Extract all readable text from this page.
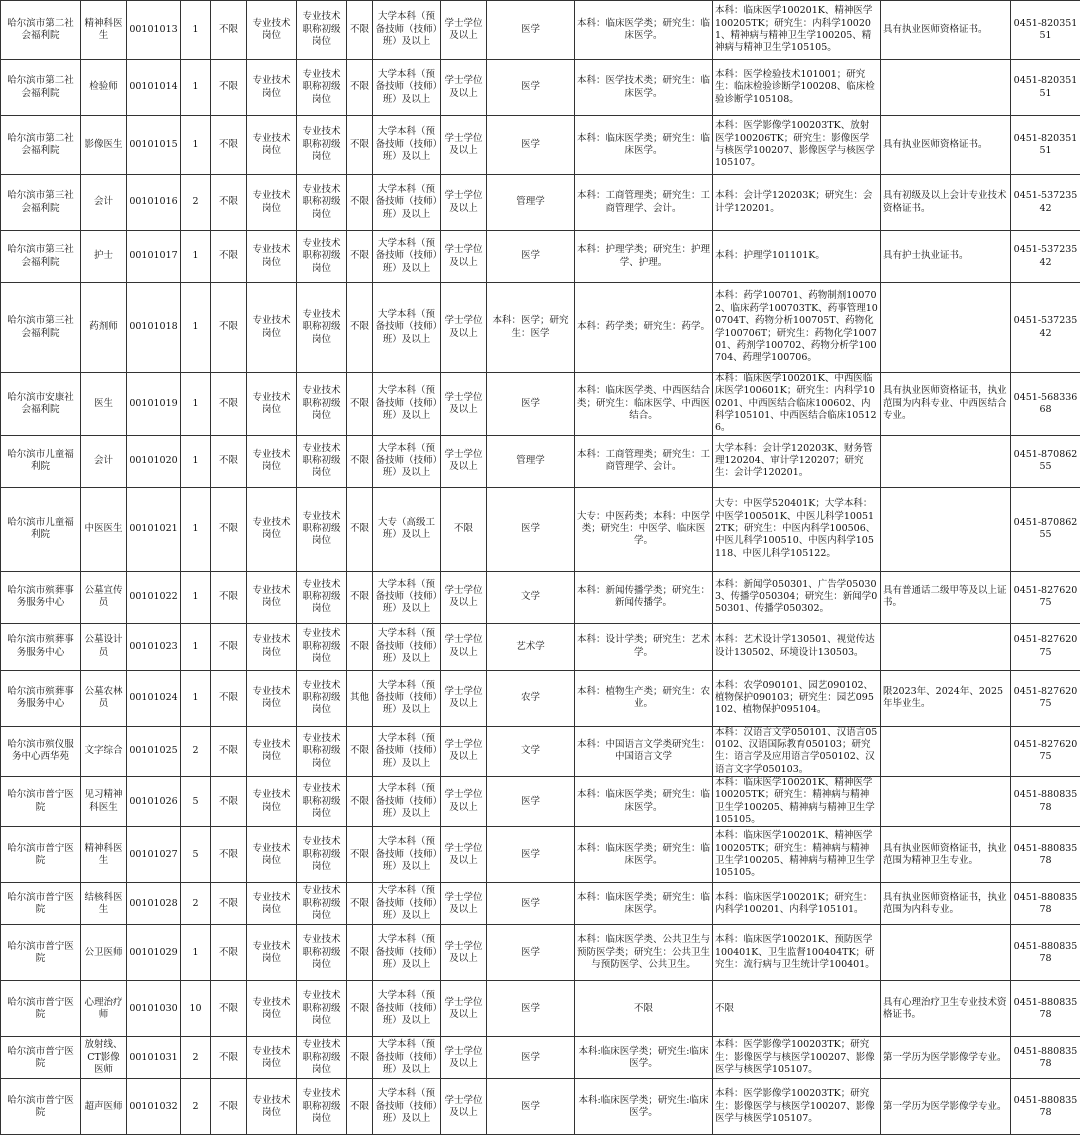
哈尔滨市第二社会福利院	精神科医生	00101013	1	不限	专业技术岗位	专业技术职称初级岗位	不限	大学本科（预备技师（技师）班）及以上	学士学位及以上	医学	本科：临床医学类；研究生：临床医学。	本科：临床医学100201K、精神医学100205TK；研究生：内科学100201、精神病与精神卫生学100205、精神病与精神卫生学105105。	具有执业医师资格证书。	0451-82035151
哈尔滨市第二社会福利院	检验师	00101014	1	不限	专业技术岗位	专业技术职称初级岗位	不限	大学本科（预备技师（技师）班）及以上	学士学位及以上	医学	本科：医学技术类；研究生：临床医学。	本科：医学检验技术101001；研究生：临床检验诊断学100208、临床检验诊断学105108。		0451-82035151
哈尔滨市第二社会福利院	影像医生	00101015	1	不限	专业技术岗位	专业技术职称初级岗位	不限	大学本科（预备技师（技师）班）及以上	学士学位及以上	医学	本科：临床医学类；研究生：临床医学。	本科：医学影像学100203TK、放射医学100206TK；研究生：影像医学与核医学100207、影像医学与核医学105107。	具有执业医师资格证书。	0451-82035151
哈尔滨市第三社会福利院	会计	00101016	2	不限	专业技术岗位	专业技术职称初级岗位	不限	大学本科（预备技师（技师）班）及以上	学士学位及以上	管理学	本科：工商管理类；研究生：工商管理学、会计。	本科：会计学120203K；研究生：会计学120201。	具有初级及以上会计专业技术资格证书。	0451-53723542
哈尔滨市第三社会福利院	护士	00101017	1	不限	专业技术岗位	专业技术职称初级岗位	不限	大学本科（预备技师（技师）班）及以上	学士学位及以上	医学	本科：护理学类；研究生：护理学、护理。	本科：护理学101101K。	具有护士执业证书。	0451-53723542
哈尔滨市第三社会福利院	药剂师	00101018	1	不限	专业技术岗位	专业技术职称初级岗位	不限	大学本科（预备技师（技师）班）及以上	学士学位及以上	本科：医学；研究生：医学	本科：药学类；研究生：药学。	本科：药学100701、药物制剂100702、临床药学100703TK、药事管理100704T、药物分析100705T、药物化学100706T；研究生：药物化学100701、药剂学100702、药物分析学100704、药理学100706。		0451-53723542
哈尔滨市安康社会福利院	医生	00101019	1	不限	专业技术岗位	专业技术职称初级岗位	不限	大学本科（预备技师（技师）班）及以上	学士学位及以上	医学	本科：临床医学类、中西医结合类；研究生：临床医学、中西医结合。	本科：临床医学100201K、中西医临床医学100601K；研究生：内科学100201、中西医结合临床100602、内科学105101、中西医结合临床105126。	具有执业医师资格证书，执业范围为内科专业、中西医结合专业。	0451-56833668
哈尔滨市儿童福利院	会计	00101020	1	不限	专业技术岗位	专业技术职称初级岗位	不限	大学本科（预备技师（技师）班）及以上	学士学位及以上	管理学	本科：工商管理类；研究生：工商管理学、会计。	大学本科：会计学120203K、财务管理120204、审计学120207；研究生：会计学120201。		0451-87086255
哈尔滨市儿童福利院	中医医生	00101021	1	不限	专业技术岗位	专业技术职称初级岗位	不限	大专（高级工班）及以上	不限	医学	大专：中医药类；本科：中医学类；研究生：中医学、临床医学。	大专：中医学520401K；大学本科：中医学100501K、中医儿科学100512TK；研究生：中医内科学100506、中医儿科学100510、中医内科学105118、中医儿科学105122。		0451-87086255
哈尔滨市殡葬事务服务中心	公墓宣传员	00101022	1	不限	专业技术岗位	专业技术职称初级岗位	不限	大学本科（预备技师（技师）班）及以上	学士学位及以上	文学	本科：新闻传播学类；研究生：新闻传播学。	本科：新闻学050301、广告学050303、传播学050304；研究生：新闻学050301、传播学050302。	具有普通话二级甲等及以上证书。	0451-82762075
哈尔滨市殡葬事务服务中心	公墓设计员	00101023	1	不限	专业技术岗位	专业技术职称初级岗位	不限	大学本科（预备技师（技师）班）及以上	学士学位及以上	艺术学	本科：设计学类；研究生：艺术学。	本科：艺术设计学130501、视觉传达设计130502、环境设计130503。		0451-82762075
哈尔滨市殡葬事务服务中心	公墓农林员	00101024	1	不限	专业技术岗位	专业技术职称初级岗位	其他	大学本科（预备技师（技师）班）及以上	学士学位及以上	农学	本科：植物生产类；研究生：农业。	本科：农学090101、园艺090102、植物保护090103；研究生：园艺095102、植物保护095104。	限2023年、2024年、2025年毕业生。	0451-82762075
哈尔滨市殡仪服务中心西华苑	文字综合	00101025	2	不限	专业技术岗位	专业技术职称初级岗位	不限	大学本科（预备技师（技师）班）及以上	学士学位及以上	文学	本科：中国语言文学类研究生：中国语言文学	本科：汉语言文学050101、汉语言050102、汉语国际教育050103；研究生：语言学及应用语言学050102、汉语言文字学050103。		0451-82762075
哈尔滨市普宁医院	见习精神科医生	00101026	5	不限	专业技术岗位	专业技术职称初级岗位	不限	大学本科（预备技师（技师）班）及以上	学士学位及以上	医学	本科：临床医学类；研究生：临床医学。	本科：临床医学100201K、精神医学100205TK；研究生：精神病与精神卫生学100205、精神病与精神卫生学105105。		0451-88083578
哈尔滨市普宁医院	精神科医生	00101027	5	不限	专业技术岗位	专业技术职称初级岗位	不限	大学本科（预备技师（技师）班）及以上	学士学位及以上	医学	本科：临床医学类；研究生：临床医学。	本科：临床医学100201K、精神医学100205TK；研究生：精神病与精神卫生学100205、精神病与精神卫生学105105。	具有执业医师资格证书，执业范围为精神卫生专业。	0451-88083578
哈尔滨市普宁医院	结核科医生	00101028	2	不限	专业技术岗位	专业技术职称初级岗位	不限	大学本科（预备技师（技师）班）及以上	学士学位及以上	医学	本科：临床医学类；研究生：临床医学。	本科：临床医学100201K；研究生：内科学100201、内科学105101。	具有执业医师资格证书，执业范围为内科专业。	0451-88083578
哈尔滨市普宁医院	公卫医师	00101029	1	不限	专业技术岗位	专业技术职称初级岗位	不限	大学本科（预备技师（技师）班）及以上	学士学位及以上	医学	本科：临床医学类、公共卫生与预防医学类；研究生：公共卫生与预防医学、公共卫生。	本科：临床医学100201K、预防医学100401K、卫生监督100404TK；研究生：流行病与卫生统计学100401。		0451-88083578
哈尔滨市普宁医院	心理治疗师	00101030	10	不限	专业技术岗位	专业技术职称初级岗位	不限	大学本科（预备技师（技师）班）及以上	学士学位及以上	医学	不限	不限	具有心理治疗卫生专业技术资格证书。	0451-88083578
哈尔滨市普宁医院	放射线、CT影像医师	00101031	2	不限	专业技术岗位	专业技术职称初级岗位	不限	大学本科（预备技师（技师）班）及以上	学士学位及以上	医学	本科:临床医学类；研究生:临床医学。	本科：医学影像学100203TK；研究生：影像医学与核医学100207、影像医学与核医学105107。	第一学历为医学影像学专业。	0451-88083578
哈尔滨市普宁医院	超声医师	00101032	2	不限	专业技术岗位	专业技术职称初级岗位	不限	大学本科（预备技师（技师）班）及以上	学士学位及以上	医学	本科:临床医学类；研究生:临床医学。	本科：医学影像学100203TK；研究生：影像医学与核医学100207、影像医学与核医学105107。	第一学历为医学影像学专业。	0451-88083578
